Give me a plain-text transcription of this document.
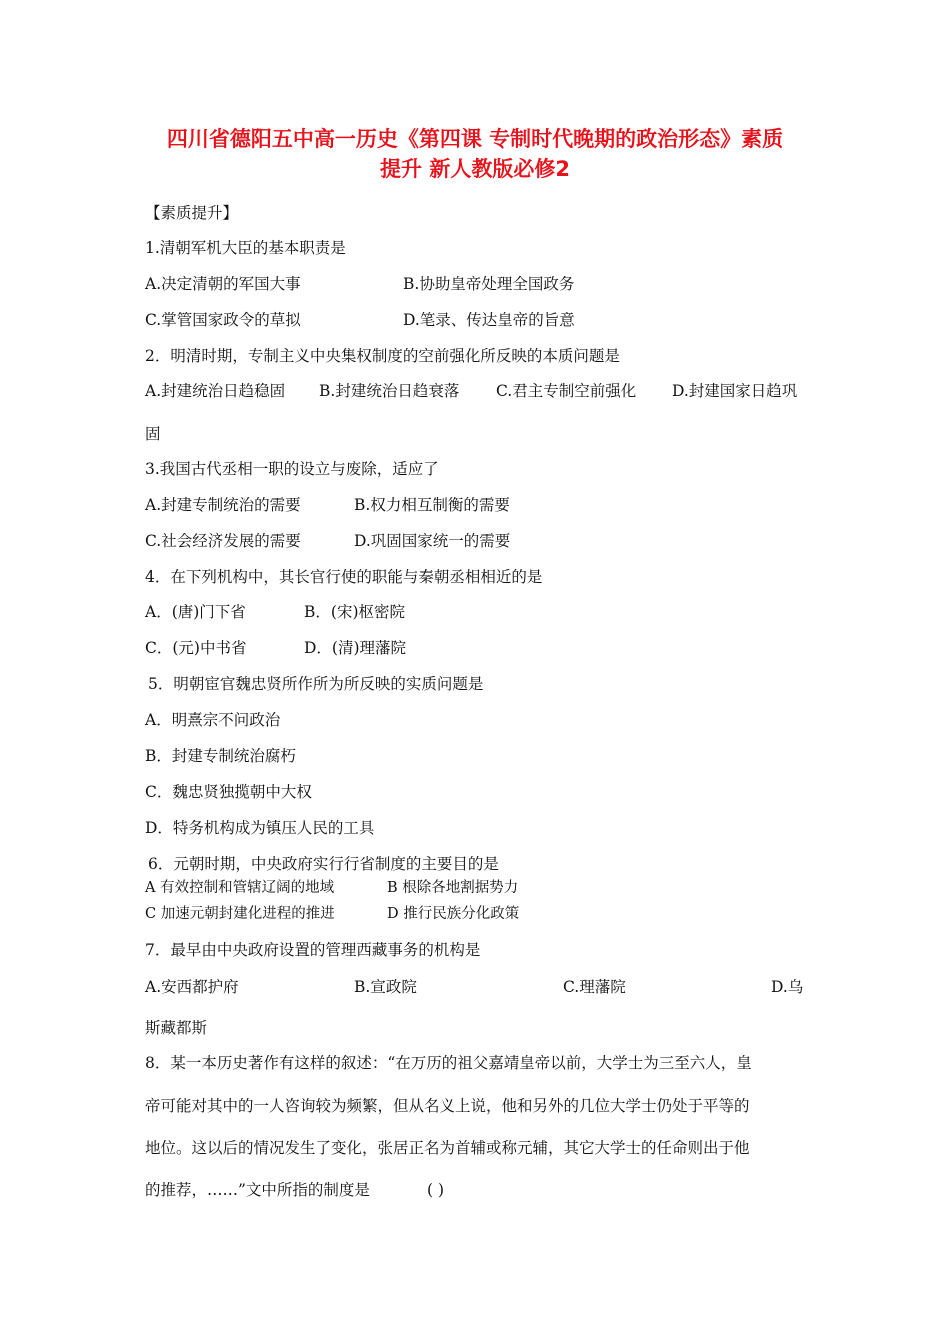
四川省德阳五中高一历史《第四课 专制时代晚期的政治形态》素质
提升 新人教版必修2
【素质提升】
1.清朝军机大臣的基本职责是
A.决定清朝的军国大事	B.协助皇帝处理全国政务
C.掌管国家政令的草拟	D.笔录、传达皇帝的旨意
2．明清时期，专制主义中央集权制度的空前强化所反映的本质问题是
A.封建统治日趋稳固 B.封建统治日趋衰落 C.君主专制空前强化 D.封建国家日趋巩
固
3.我国古代丞相一职的设立与废除，适应了
A.封建专制统治的需要	B.权力相互制衡的需要
C.社会经济发展的需要	D.巩固国家统一的需要
4．在下列机构中，其长官行使的职能与秦朝丞相相近的是
A．(唐)门下省	B．(宋)枢密院
C．(元)中书省	D．(清)理藩院
5．明朝宦官魏忠贤所作所为所反映的实质问题是
A．明熹宗不问政治
B．封建专制统治腐朽
C．魏忠贤独揽朝中大权
D．特务机构成为镇压人民的工具
6．元朝时期，中央政府实行行省制度的主要目的是
A 有效控制和管辖辽阔的地域	B 根除各地割据势力
C 加速元朝封建化进程的推进	D 推行民族分化政策
7．最早由中央政府设置的管理西藏事务的机构是
A.安西都护府	B.宣政院	C.理藩院	D.乌
斯藏都斯
8．某一本历史著作有这样的叙述：“在万历的祖父嘉靖皇帝以前，大学士为三至六人，皇
帝可能对其中的一人咨询较为频繁，但从名义上说，他和另外的几位大学士仍处于平等的
地位。这以后的情况发生了变化，张居正名为首辅或称元辅，其它大学士的任命则出于他
的推荐，……”文中所指的制度是	( )
